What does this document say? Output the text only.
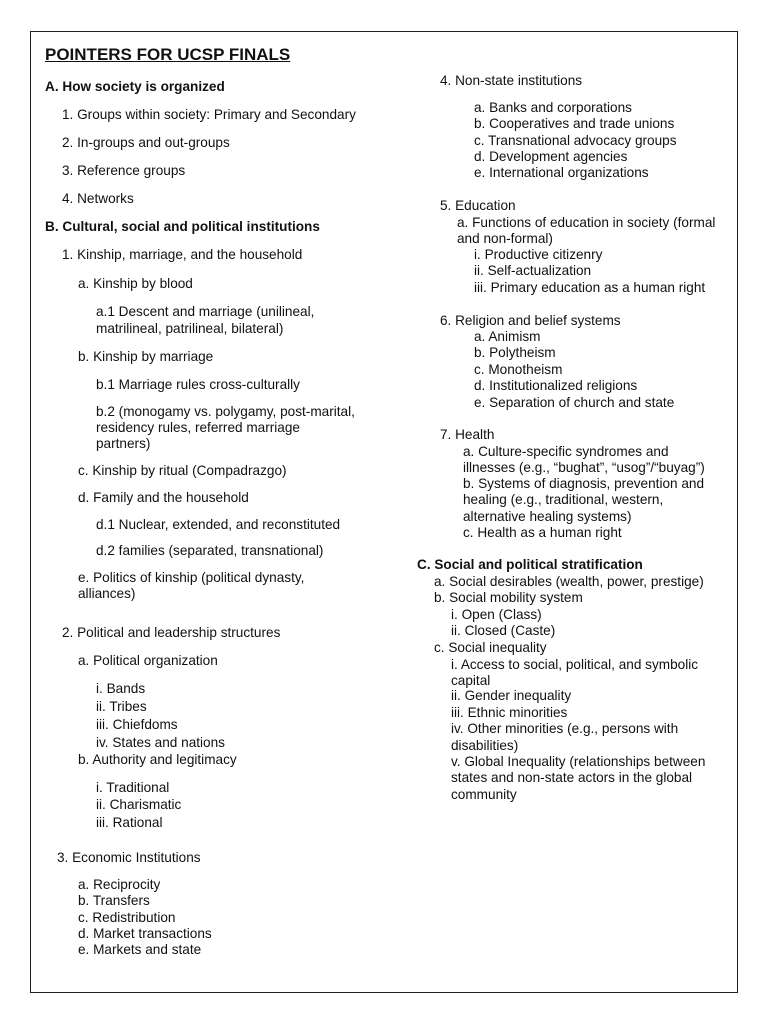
POINTERS FOR UCSP FINALS
A. How society is organized
1. Groups within society: Primary and Secondary
2. In-groups and out-groups
3. Reference groups
4. Networks
B. Cultural, social and political institutions
1. Kinship, marriage, and the household
a. Kinship by blood
a.1 Descent and marriage (unilineal,
matrilineal, patrilineal, bilateral)
b. Kinship by marriage
b.1 Marriage rules cross-culturally
b.2 (monogamy vs. polygamy, post-marital,
residency rules, referred marriage
partners)
c. Kinship by ritual (Compadrazgo)
d. Family and the household
d.1 Nuclear, extended, and reconstituted
d.2 families (separated, transnational)
e. Politics of kinship (political dynasty,
alliances)
2. Political and leadership structures
a. Political organization
i. Bands
ii. Tribes
iii. Chiefdoms
iv. States and nations
b. Authority and legitimacy
i. Traditional
ii. Charismatic
iii. Rational
3. Economic Institutions
a. Reciprocity
b. Transfers
c. Redistribution
d. Market transactions
e. Markets and state
4. Non-state institutions
a. Banks and corporations
b. Cooperatives and trade unions
c. Transnational advocacy groups
d. Development agencies
e. International organizations
5. Education
a. Functions of education in society (formal
and non-formal)
i. Productive citizenry
ii. Self-actualization
iii. Primary education as a human right
6. Religion and belief systems
a. Animism
b. Polytheism
c. Monotheism
d. Institutionalized religions
e. Separation of church and state
7. Health
a. Culture-specific syndromes and
illnesses (e.g., “bughat”, “usog”/“buyag”)
b. Systems of diagnosis, prevention and
healing (e.g., traditional, western,
alternative healing systems)
c. Health as a human right
C. Social and political stratification
a. Social desirables (wealth, power, prestige)
b. Social mobility system
i. Open (Class)
ii. Closed (Caste)
c. Social inequality
i. Access to social, political, and symbolic
capital
ii. Gender inequality
iii. Ethnic minorities
iv. Other minorities (e.g., persons with
disabilities)
v. Global Inequality (relationships between
states and non-state actors in the global
community
